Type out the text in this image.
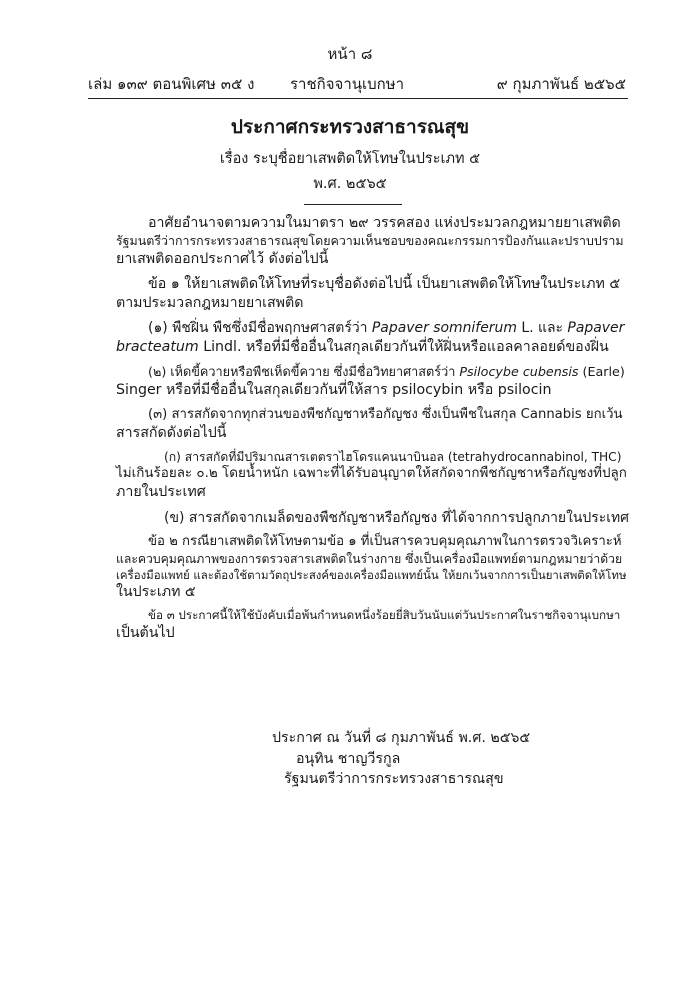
หน้า ๘
เล่ม ๑๓๙ ตอนพิเศษ ๓๕ ง ราชกิจจานุเบกษา	๙ กุมภาพันธ์ ๒๕๖๕
ประกาศกระทรวงสาธารณสุข
เรื่อง ระบุชื่อยาเสพติดให้โทษในประเภท ๕
พ.ศ. ๒๕๖๕
อาศัยอำนาจตามความในมาตรา ๒๙ วรรคสอง แห่งประมวลกฎหมายยาเสพติด
รัฐมนตรีว่าการกระทรวงสาธารณสุขโดยความเห็นชอบของคณะกรรมการป้องกันและปราบปราม
ยาเสพติดออกประกาศไว้ ดังต่อไปนี้
ข้อ ๑ ให้ยาเสพติดให้โทษที่ระบุชื่อดังต่อไปนี้ เป็นยาเสพติดให้โทษในประเภท ๕
ตามประมวลกฎหมายยาเสพติด
(๑) พืชฝิ่น พืชซึ่งมีชื่อพฤกษศาสตร์ว่า Papaver somniferum L. และ Papaver
bracteatum Lindl. หรือที่มีชื่ออื่นในสกุลเดียวกันที่ให้ฝิ่นหรือแอลคาลอยด์ของฝิ่น
(๒) เห็ดขี้ควายหรือพืชเห็ดขี้ควาย ซึ่งมีชื่อวิทยาศาสตร์ว่า Psilocybe cubensis (Earle)
Singer หรือที่มีชื่ออื่นในสกุลเดียวกันที่ให้สาร psilocybin หรือ psilocin
(๓) สารสกัดจากทุกส่วนของพืชกัญชาหรือกัญชง ซึ่งเป็นพืชในสกุล Cannabis ยกเว้น
สารสกัดดังต่อไปนี้
(ก) สารสกัดที่มีปริมาณสารเตตราไฮโดรแคนนาบินอล (tetrahydrocannabinol, THC)
ไม่เกินร้อยละ ๐.๒ โดยน้ำหนัก เฉพาะที่ได้รับอนุญาตให้สกัดจากพืชกัญชาหรือกัญชงที่ปลูก
ภายในประเทศ
(ข) สารสกัดจากเมล็ดของพืชกัญชาหรือกัญชง ที่ได้จากการปลูกภายในประเทศ
ข้อ ๒ กรณียาเสพติดให้โทษตามข้อ ๑ ที่เป็นสารควบคุมคุณภาพในการตรวจวิเคราะห์
และควบคุมคุณภาพของการตรวจสารเสพติดในร่างกาย ซึ่งเป็นเครื่องมือแพทย์ตามกฎหมายว่าด้วย
เครื่องมือแพทย์ และต้องใช้ตามวัตถุประสงค์ของเครื่องมือแพทย์นั้น ให้ยกเว้นจากการเป็นยาเสพติดให้โทษ
ในประเภท ๕
ข้อ ๓ ประกาศนี้ให้ใช้บังคับเมื่อพ้นกำหนดหนึ่งร้อยยี่สิบวันนับแต่วันประกาศในราชกิจจานุเบกษา
เป็นต้นไป
ประกาศ ณ วันที่ ๘ กุมภาพันธ์ พ.ศ. ๒๕๖๕
อนุทิน ชาญวีรกูล
รัฐมนตรีว่าการกระทรวงสาธารณสุข
